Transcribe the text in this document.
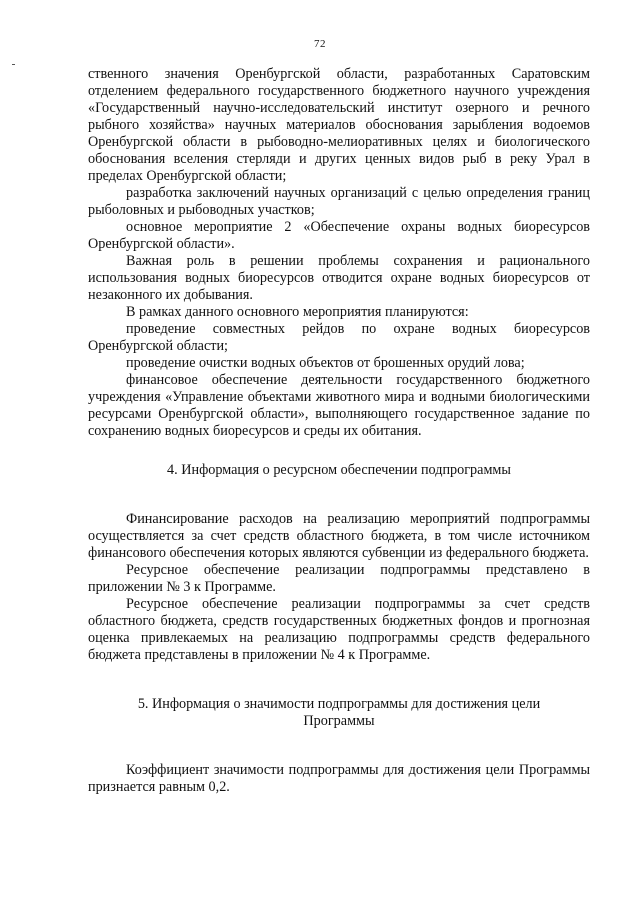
72

ственного значения Оренбургской области, разработанных Саратовским отделением федерального государственного бюджетного научного учреждения «Государственный научно-исследовательский институт озерного и речного рыбного хозяйства» научных материалов обоснования зарыбления водоемов Оренбургской области в рыбоводно-мелиоративных целях и биологического обоснования вселения стерляди и других ценных видов рыб в реку Урал в пределах Оренбургской области;

разработка заключений научных организаций с целью определения границ рыболовных и рыбоводных участков;

основное мероприятие 2 «Обеспечение охраны водных биоресурсов Оренбургской области».

Важная роль в решении проблемы сохранения и рационального использования водных биоресурсов отводится охране водных биоресурсов от незаконного их добывания.

В рамках данного основного мероприятия планируются:

проведение совместных рейдов по охране водных биоресурсов Оренбургской области;

проведение очистки водных объектов от брошенных орудий лова;

финансовое обеспечение деятельности государственного бюджетного учреждения «Управление объектами животного мира и водными биологическими ресурсами Оренбургской области», выполняющего государственное задание по сохранению водных биоресурсов и среды их обитания.

4. Информация о ресурсном обеспечении подпрограммы

Финансирование расходов на реализацию мероприятий подпрограммы осуществляется за счет средств областного бюджета, в том числе источником финансового обеспечения которых являются субвенции из федерального бюджета.

Ресурсное обеспечение реализации подпрограммы представлено в приложении № 3 к Программе.

Ресурсное обеспечение реализации подпрограммы за счет средств областного бюджета, средств государственных бюджетных фондов и прогнозная оценка привлекаемых на реализацию подпрограммы средств федерального бюджета представлены в приложении № 4 к Программе.

5. Информация о значимости подпрограммы для достижения цели

Программы

Коэффициент значимости подпрограммы для достижения цели Программы признается равным 0,2.
